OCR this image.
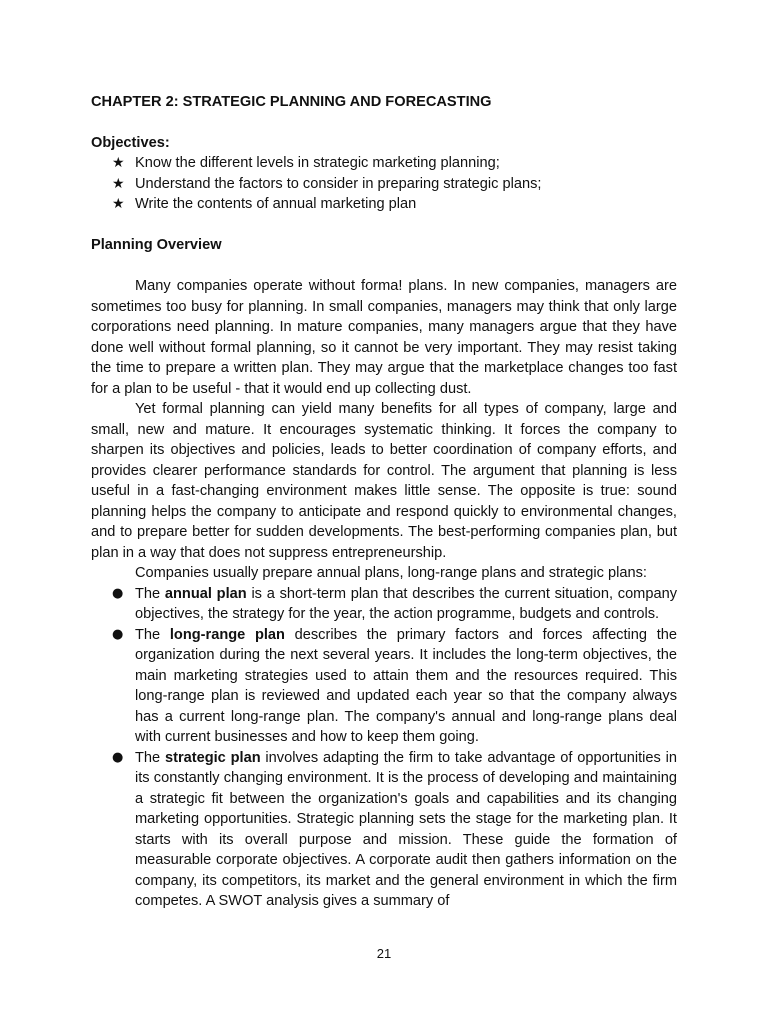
CHAPTER 2: STRATEGIC PLANNING AND FORECASTING
Objectives:
★ Know the different levels in strategic marketing planning;
★ Understand the factors to consider in preparing strategic plans;
★ Write the contents of annual marketing plan
Planning Overview

Many companies operate without forma! plans. In new companies, managers are sometimes too busy for planning. In small companies, managers may think that only large corporations need planning. In mature companies, many managers argue that they have done well without formal planning, so it cannot be very important. They may resist taking the time to prepare a written plan. They may argue that the marketplace changes too fast for a plan to be useful - that it would end up collecting dust.

Yet formal planning can yield many benefits for all types of company, large and small, new and mature. It encourages systematic thinking. It forces the company to sharpen its objectives and policies, leads to better coordination of company efforts, and provides clearer performance standards for control. The argument that planning is less useful in a fast-changing environment makes little sense. The opposite is true: sound planning helps the company to anticipate and respond quickly to environmental changes, and to prepare better for sudden developments. The best-performing companies plan, but plan in a way that does not suppress entrepreneurship.

Companies usually prepare annual plans, long-range plans and strategic plans:

● The annual plan is a short-term plan that describes the current situation, company objectives, the strategy for the year, the action programme, budgets and controls.
● The long-range plan describes the primary factors and forces affecting the organization during the next several years. It includes the long-term objectives, the main marketing strategies used to attain them and the resources required. This long-range plan is reviewed and updated each year so that the company always has a current long-range plan. The company's annual and long-range plans deal with current businesses and how to keep them going.
● The strategic plan involves adapting the firm to take advantage of opportunities in its constantly changing environment. It is the process of developing and maintaining a strategic fit between the organization's goals and capabilities and its changing marketing opportunities. Strategic planning sets the stage for the marketing plan. It starts with its overall purpose and mission. These guide the formation of measurable corporate objectives. A corporate audit then gathers information on the company, its competitors, its market and the general environment in which the firm competes. A SWOT analysis gives a summary of
21
